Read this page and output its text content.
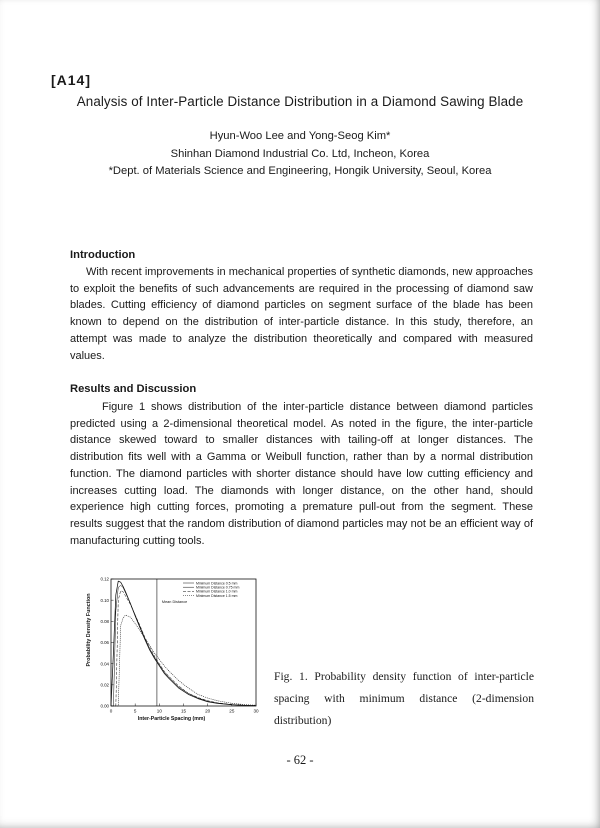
[A14]
Analysis of Inter-Particle Distance Distribution in a Diamond Sawing Blade
Hyun-Woo Lee and Yong-Seog Kim*
Shinhan Diamond Industrial Co. Ltd, Incheon, Korea
*Dept. of Materials Science and Engineering, Hongik University, Seoul, Korea
Introduction

With recent improvements in mechanical properties of synthetic diamonds, new approaches to exploit the benefits of such advancements are required in the processing of diamond saw blades. Cutting efficiency of diamond particles on segment surface of the blade has been known to depend on the distribution of inter-particle distance. In this study, therefore, an attempt was made to analyze the distribution theoretically and compared with measured values.

Results and Discussion

Figure 1 shows distribution of the inter-particle distance between diamond particles predicted using a 2-dimensional theoretical model. As noted in the figure, the inter-particle distance skewed toward to smaller distances with tailing-off at longer distances. The distribution fits well with a Gamma or Weibull function, rather than by a normal distribution function. The diamond particles with shorter distance should have low cutting efficiency and increases cutting load. The diamonds with longer distance, on the other hand, should experience high cutting forces, promoting a premature pull-out from the segment. These results suggest that the random distribution of diamond particles may not be an efficient way of manufacturing cutting tools.

0	5	10	15	20	25	30
0.00
0.02
0.04
0.06
0.08
0.10
0.12
Inter-Particle Spacing (mm)
Mean Distance
Minimum Distance 0.5 mm
Minimum Distance 0.75 mm
Minimum Distance 1.0 mm
Minimum Distance 1.5 mm
Probability Density Function

Fig. 1. Probability density function of inter-particle spacing with minimum distance (2-dimension distribution)

- 62 -
